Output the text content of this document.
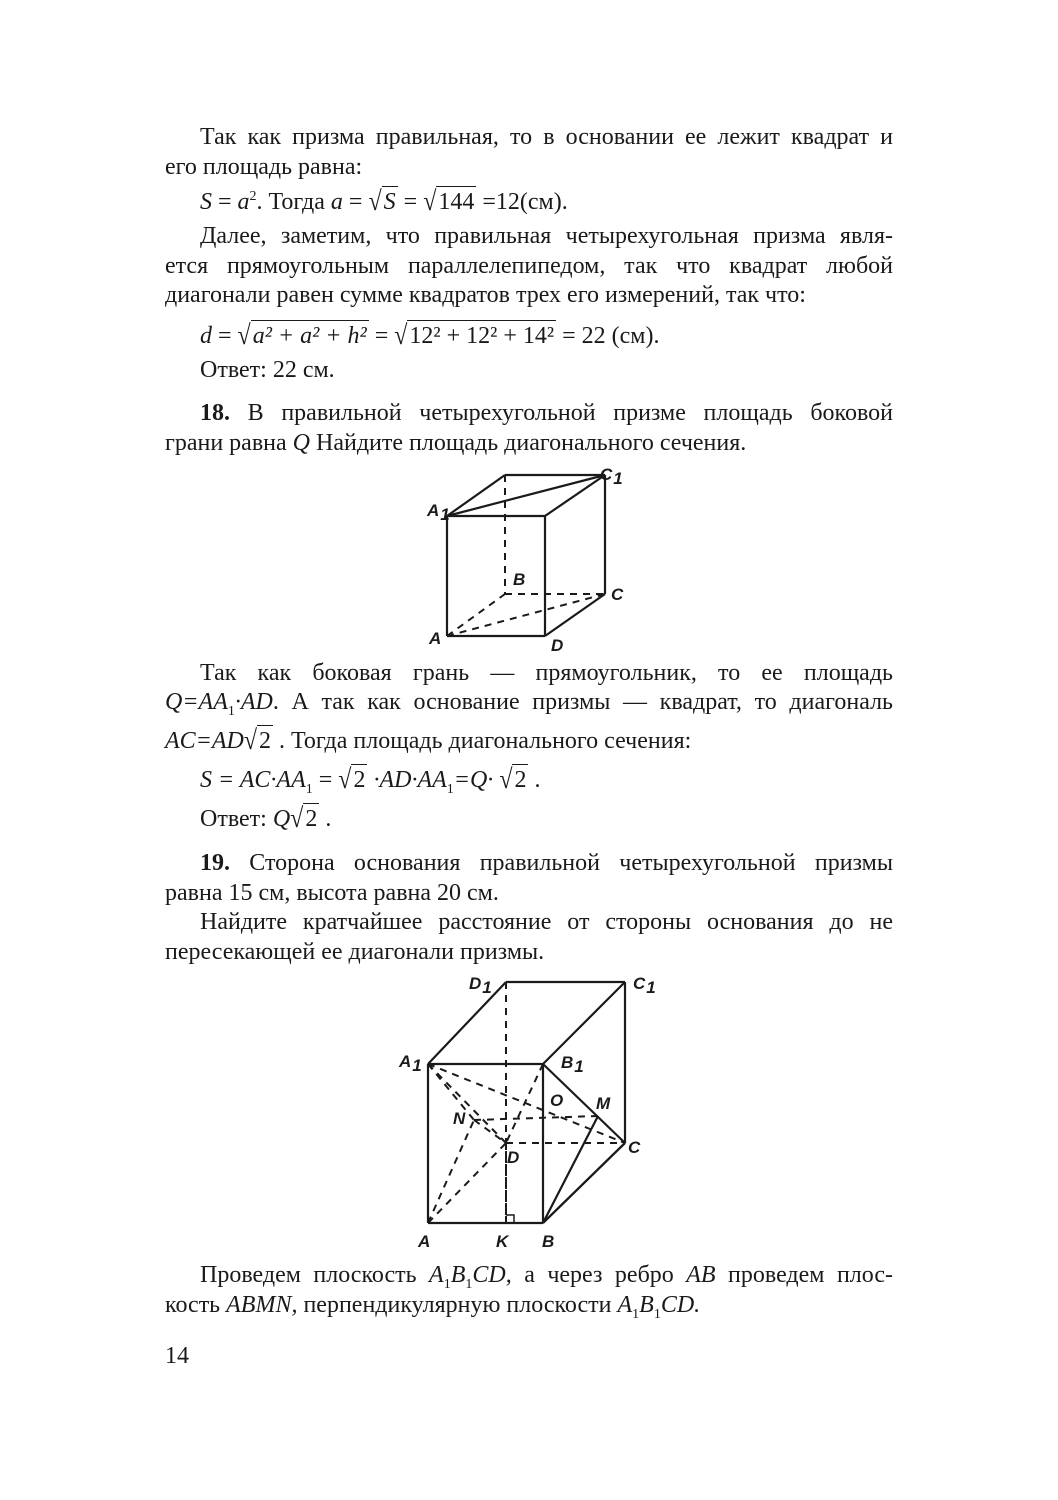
Так как призма правильная, то в основании ее лежит квадрат и
его площадь равна:
$S = a^2$. Тогда a = √S = √144 =12(см).
Далее, заметим, что правильная четырехугольная призма явля-
ется прямоугольным параллелепипедом, так что квадрат любой
диагонали равен сумме квадратов трех его измерений, так что:
d = √a² + a² + h² = √12² + 12² + 14² = 22 (см).
Ответ: 22 см.
18. В правильной четырехугольной призме площадь боковой
грани равна Q Найдите площадь диагонального сечения.
C1
A1
B
C
A	D
Так как боковая грань — прямоугольник, то ее площадь
$Q=AA_1\cdot AD$. А так как основание призмы — квадрат, то диагональ
AC=AD√2 . Тогда площадь диагонального сечения:
$S = AC\cdot AA_1 = √2 \cdot AD\cdot AA_1=Q\cdot √2$ .
Ответ: Q√2 .
19. Сторона основания правильной четырехугольной призмы
равна 15 см, высота равна 20 см.
Найдите кратчайшее расстояние от стороны основания до не
пересекающей ее диагонали призмы.
D1	C1
A1	B1
O M
N
C
D
A	K B
Проведем плоскость $A_1B_1CD$, а через ребро AB проведем плос-
кость ABMN, перпендикулярную плоскости $A_1B_1CD$.
14
